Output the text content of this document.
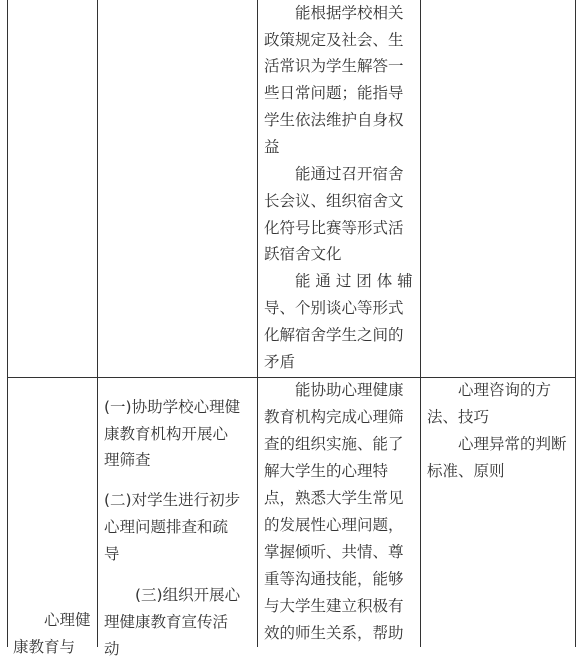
　　能根据学校相关
政策规定及社会、生
活常识为学生解答一
些日常问题；能指导
学生依法维护自身权
益
　　能通过召开宿舍
长会议、组织宿舍文
化符号比赛等形式活
跃宿舍文化
　　能 通 过 团 体 辅
导、个别谈心等形式
化解宿舍学生之间的
矛盾
　　心理健
康教育与
(一)协助学校心理健
康教育机构开展心
理筛查
(二)对学生进行初步
心理问题排查和疏
导
　　(三)组织开展心
理健康教育宣传活
动
　　能协助心理健康
教育机构完成心理筛
查的组织实施、能了
解大学生的心理特
点，熟悉大学生常见
的发展性心理问题，
掌握倾听、共情、尊
重等沟通技能，能够
与大学生建立积极有
效的师生关系，帮助
　　心理咨询的方
法、技巧
　　心理异常的判断
标准、原则
